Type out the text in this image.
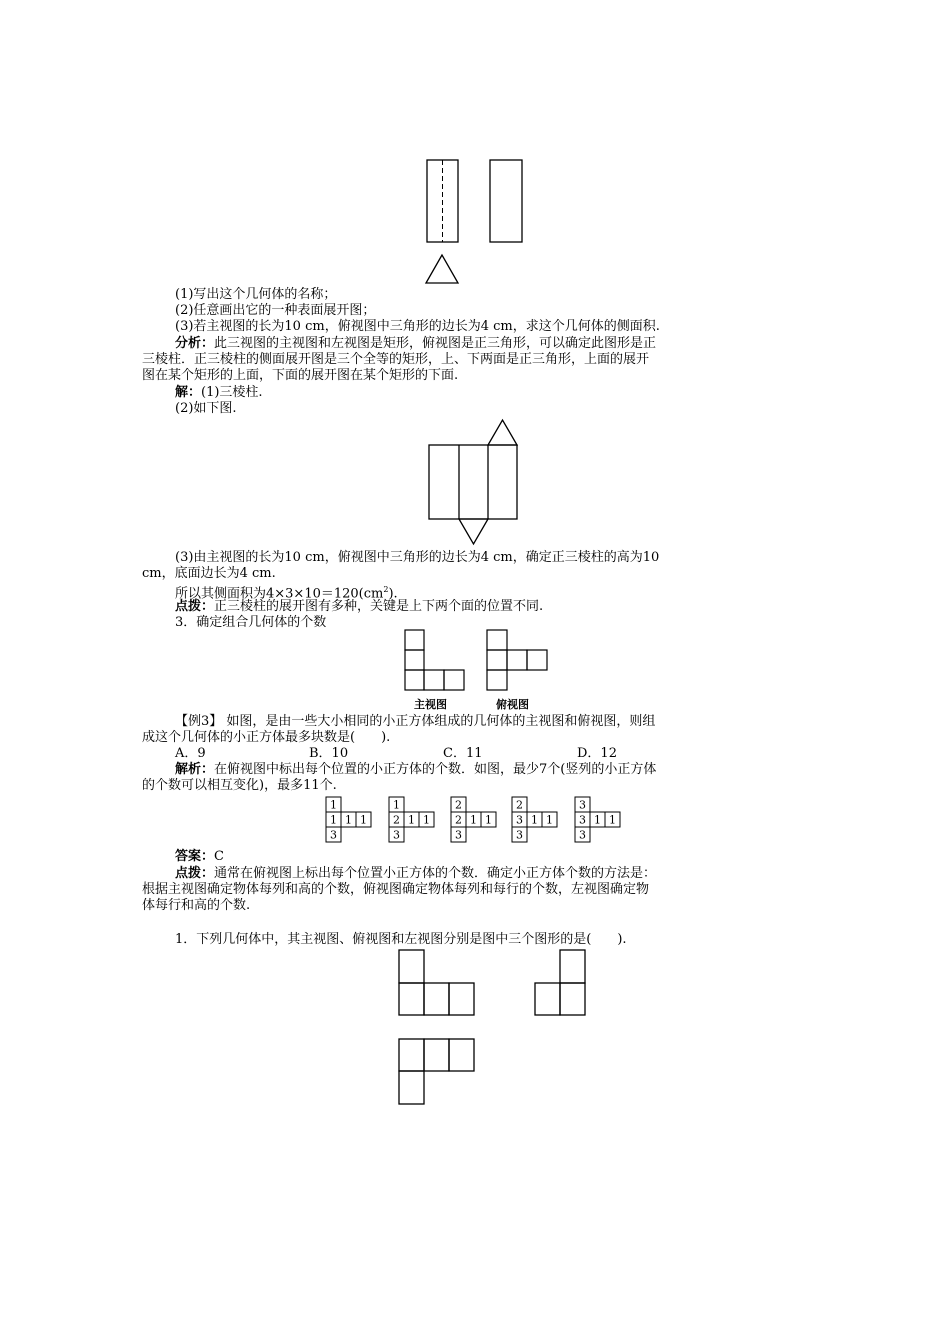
(1)写出这个几何体的名称；
(2)任意画出它的一种表面展开图；
(3)若主视图的长为10 cm，俯视图中三角形的边长为4 cm，求这个几何体的侧面积.
分析：此三视图的主视图和左视图是矩形，俯视图是正三角形，可以确定此图形是正
三棱柱．正三棱柱的侧面展开图是三个全等的矩形，上、下两面是正三角形，上面的展开
图在某个矩形的上面，下面的展开图在某个矩形的下面.
解：(1)三棱柱.
(2)如下图.
(3)由主视图的长为10 cm，俯视图中三角形的边长为4 cm，确定正三棱柱的高为10
cm，底面边长为4 cm.
所以其侧面积为$4\times 3\times 10=120(cm^2)$.
点拨：正三棱柱的展开图有多种，关键是上下两个面的位置不同.
3．确定组合几何体的个数
主视图	俯视图
【例3】 如图，是由一些大小相同的小正方体组成的几何体的主视图和俯视图，则组
成这个几何体的小正方体最多块数是(　　).
A．9	B．10	C．11	D．12
解析：在俯视图中标出每个位置的小正方体的个数．如图，最少7个(竖列的小正方体
的个数可以相互变化)，最多11个.
1
1 1 1
3
1
2 1 1
3
2
2 1 1
3
2
3 1 1
3
3
3 1 1
3
答案：C
点拨：通常在俯视图上标出每个位置小正方体的个数．确定小正方体个数的方法是：
根据主视图确定物体每列和高的个数，俯视图确定物体每列和每行的个数，左视图确定物
体每行和高的个数.
1．下列几何体中，其主视图、俯视图和左视图分别是图中三个图形的是(　　).
